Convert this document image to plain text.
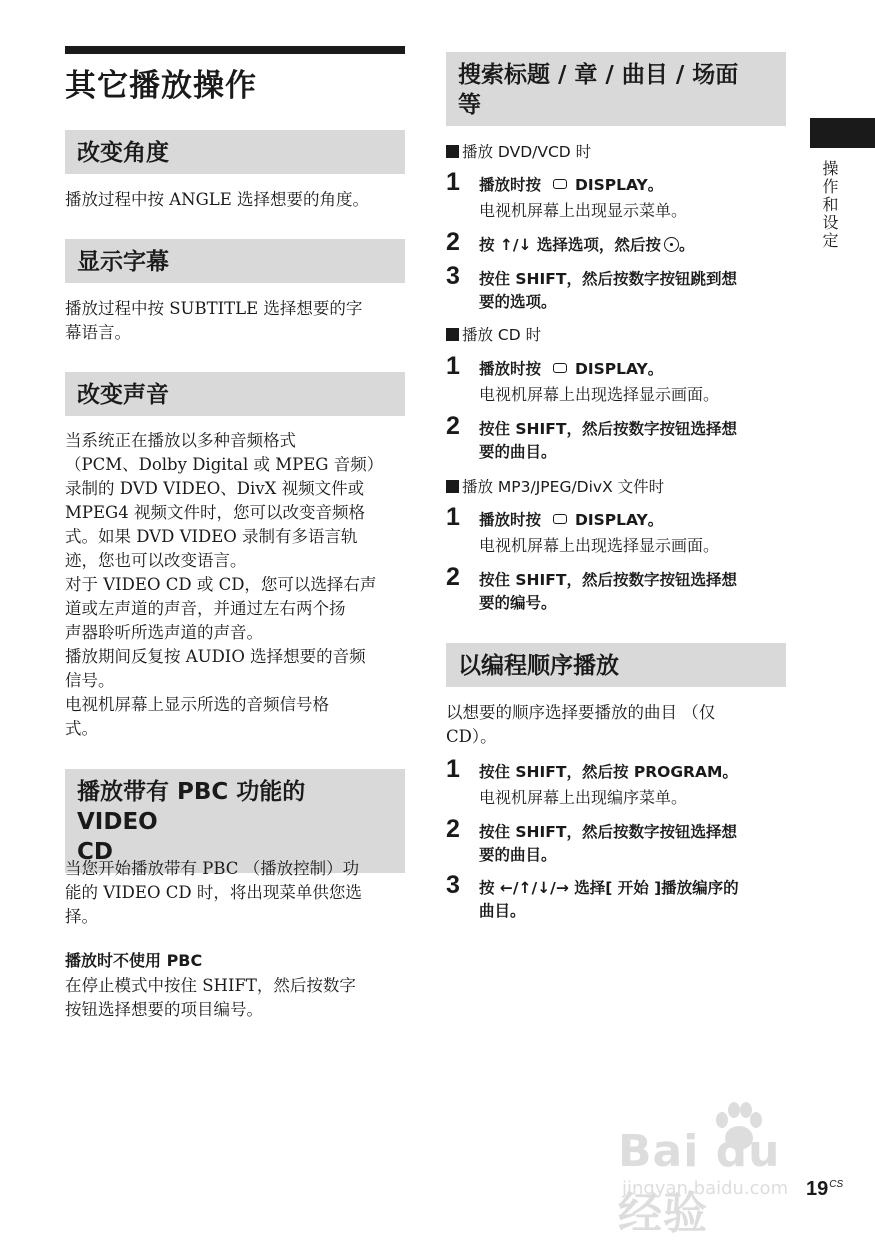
其它播放操作
改变角度

播放过程中按 ANGLE 选择想要的角度。

显示字幕

播放过程中按 SUBTITLE 选择想要的字
幕语言。

改变声音

当系统正在播放以多种音频格式
（PCM、Dolby Digital 或 MPEG 音频）
录制的 DVD VIDEO、DivX 视频文件或
MPEG4 视频文件时，您可以改变音频格
式。如果 DVD VIDEO 录制有多语言轨
迹，您也可以改变语言。
对于 VIDEO CD 或 CD，您可以选择右声
道或左声道的声音，并通过左右两个扬
声器聆听所选声道的声音。
播放期间反复按 AUDIO 选择想要的音频
信号。
电视机屏幕上显示所选的音频信号格
式。

播放带有 PBC 功能的 VIDEO
CD

当您开始播放带有 PBC （播放控制）功
能的 VIDEO CD 时，将出现菜单供您选
择。

播放时不使用 PBC

在停止模式中按住 SHIFT，然后按数字
按钮选择想要的项目编号。

搜索标题 / 章 / 曲目 / 场面
等

播放 DVD/VCD 时

1 播放时按 DISPLAY。

电视机屏幕上出现显示菜单。

2 按 ↑/↓ 选择选项，然后按 。

3 按住 SHIFT，然后按数字按钮跳到想
要的选项。

播放 CD 时

1 播放时按 DISPLAY。

电视机屏幕上出现选择显示画面。

2 按住 SHIFT，然后按数字按钮选择想
要的曲目。

播放 MP3/JPEG/DivX 文件时

1 播放时按 DISPLAY。

电视机屏幕上出现选择显示画面。

2 按住 SHIFT，然后按数字按钮选择想
要的编号。

以编程顺序播放

以想要的顺序选择要播放的曲目 （仅
CD）。

1 按住 SHIFT，然后按 PROGRAM。

电视机屏幕上出现编序菜单。

2 按住 SHIFT，然后按数字按钮选择想
要的曲目。

3 按 ←/↑/↓/→ 选择[ 开始 ]播放编序的
曲目。

操作和设定
Bai du 经验
jingyan.baidu.com $19^{CS}$
